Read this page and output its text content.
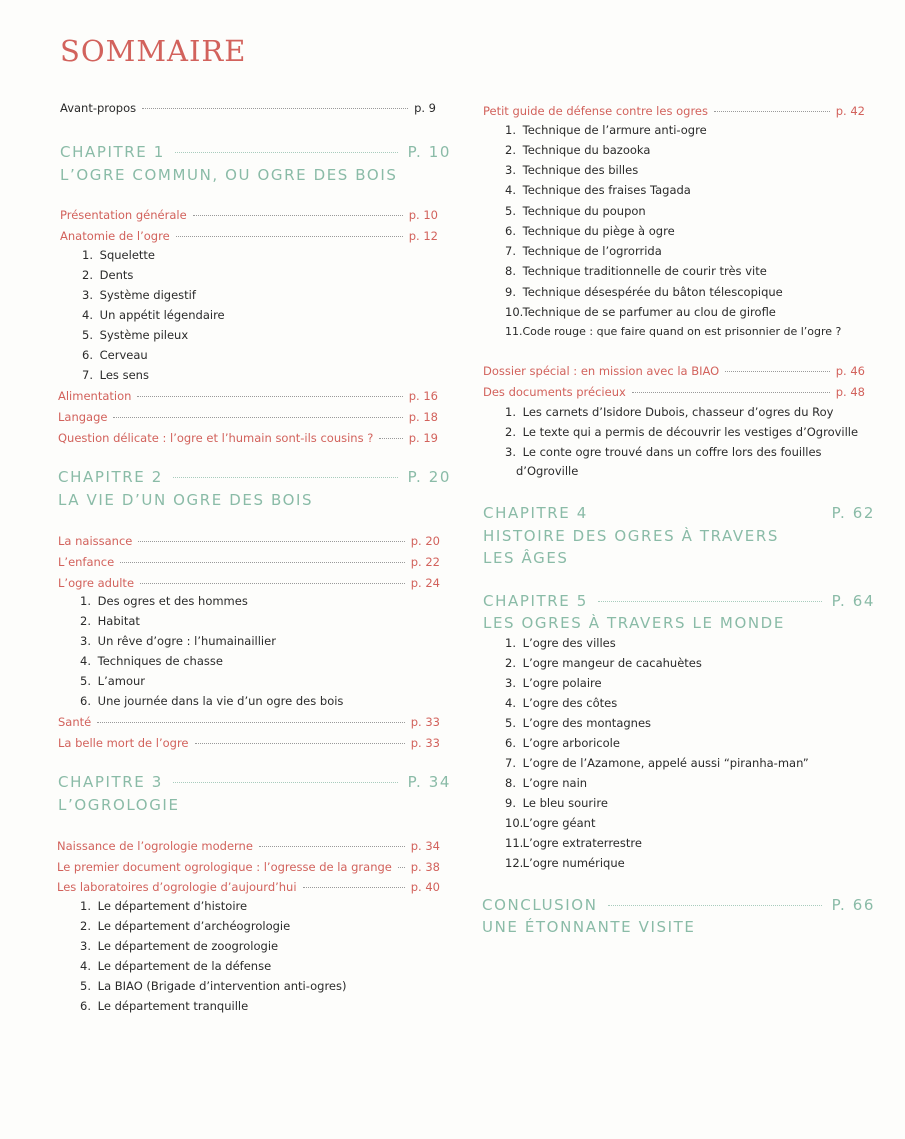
SOMMAIRE
Avant-propos	p. 9
CHAPITRE 1	P. 10
L’OGRE COMMUN, OU OGRE DES BOIS
Présentation générale	p. 10
Anatomie de l’ogre	p. 12
1. Squelette
2. Dents
3. Système digestif
4. Un appétit légendaire
5. Système pileux
6. Cerveau
7. Les sens
Alimentation	p. 16
Langage	p. 18
Question délicate : l’ogre et l’humain sont-ils cousins ?	p. 19
CHAPITRE 2	P. 20
LA VIE D’UN OGRE DES BOIS
La naissance	p. 20
L’enfance	p. 22
L’ogre adulte	p. 24
1. Des ogres et des hommes
2. Habitat
3. Un rêve d’ogre : l’humainaillier
4. Techniques de chasse
5. L’amour
6. Une journée dans la vie d’un ogre des bois
Santé	p. 33
La belle mort de l’ogre	p. 33
CHAPITRE 3	P. 34
L’OGROLOGIE
Naissance de l’ogrologie moderne	p. 34
Le premier document ogrologique : l’ogresse de la grange p. 38
Les laboratoires d’ogrologie d’aujourd’hui	p. 40
1. Le département d’histoire
2. Le département d’archéogrologie
3. Le département de zoogrologie
4. Le département de la défense
5. La BIAO (Brigade d’intervention anti-ogres)
6. Le département tranquille
Petit guide de défense contre les ogres	p. 42
1. Technique de l’armure anti-ogre
2. Technique du bazooka
3. Technique des billes
4. Technique des fraises Tagada
5. Technique du poupon
6. Technique du piège à ogre
7. Technique de l’ogrorrida
8. Technique traditionnelle de courir très vite
9. Technique désespérée du bâton télescopique
10. Technique de se parfumer au clou de girofle
11. Code rouge : que faire quand on est prisonnier de l’ogre ?
Dossier spécial : en mission avec la BIAO	p. 46
Des documents précieux	p. 48
1. Les carnets d’Isidore Dubois, chasseur d’ogres du Roy
2. Le texte qui a permis de découvrir les vestiges d’Ogroville
3. Le conte ogre trouvé dans un coffre lors des fouilles
d’Ogroville
CHAPITRE 4	P. 62
HISTOIRE DES OGRES À TRAVERS
LES ÂGES
CHAPITRE 5	P. 64
LES OGRES À TRAVERS LE MONDE
1. L’ogre des villes
2. L’ogre mangeur de cacahuètes
3. L’ogre polaire
4. L’ogre des côtes
5. L’ogre des montagnes
6. L’ogre arboricole
7. L’ogre de l’Azamone, appelé aussi “piranha-man”
8. L’ogre nain
9. Le bleu sourire
10. L’ogre géant
11. L’ogre extraterrestre
12. L’ogre numérique
CONCLUSION	P. 66
UNE ÉTONNANTE VISITE
